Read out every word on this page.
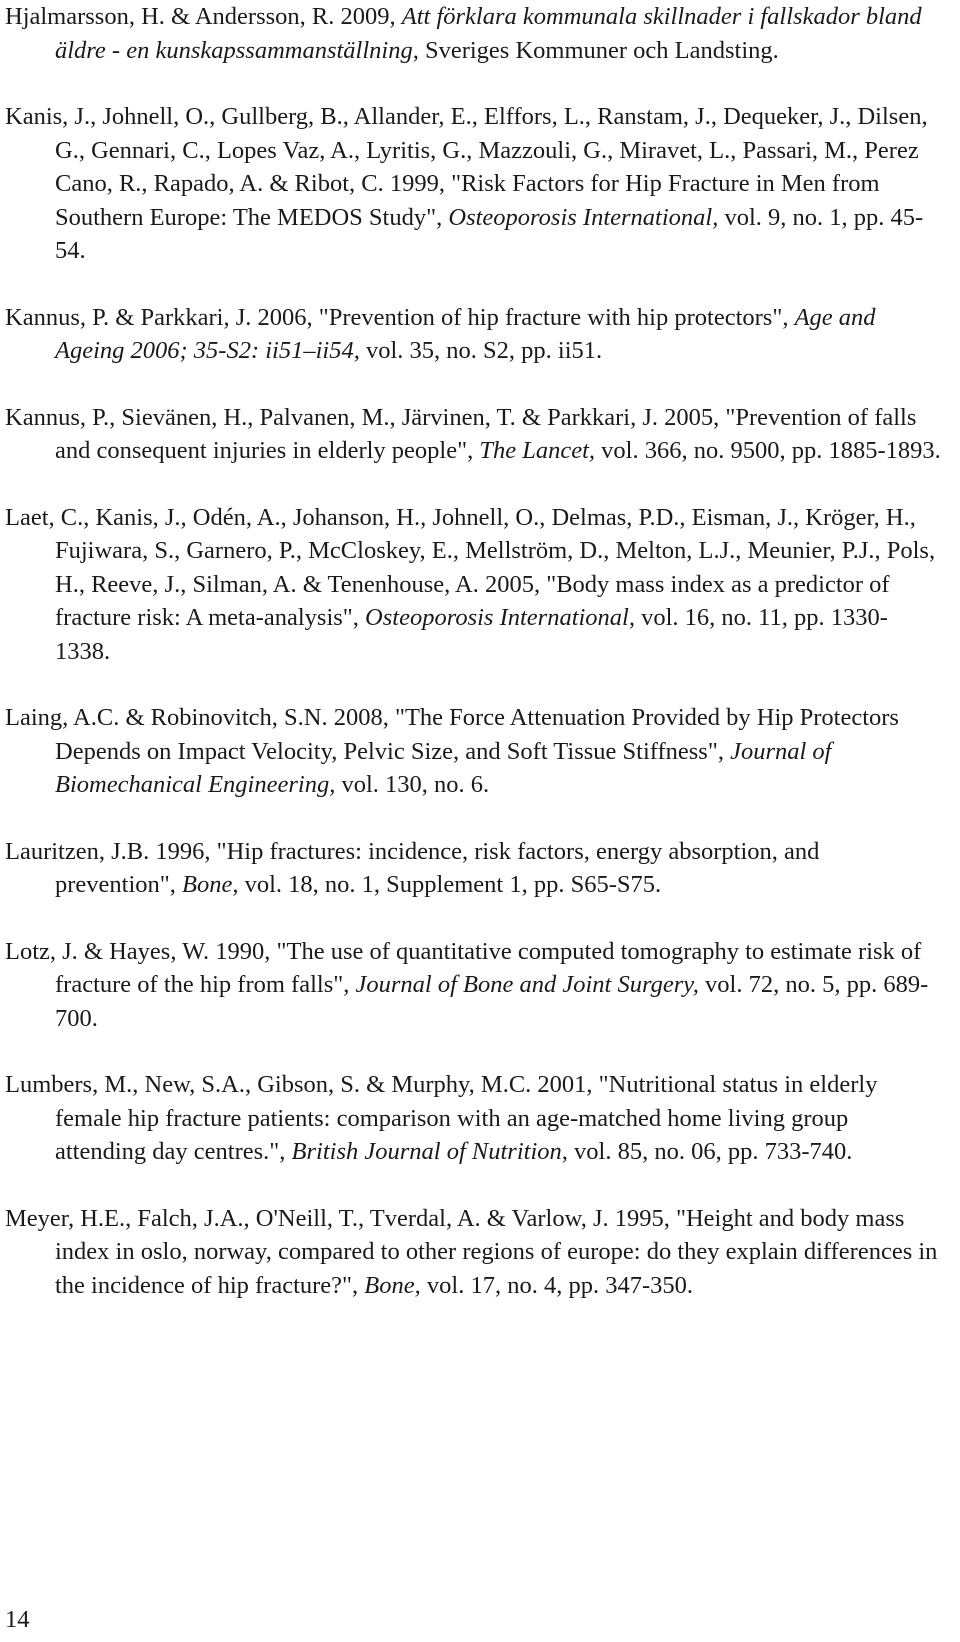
Hjalmarsson, H. & Andersson, R. 2009, Att förklara kommunala skillnader i fallskador bland äldre - en kunskapssammanställning, Sveriges Kommuner och Landsting.
Kanis, J., Johnell, O., Gullberg, B., Allander, E., Elffors, L., Ranstam, J., Dequeker, J., Dilsen, G., Gennari, C., Lopes Vaz, A., Lyritis, G., Mazzouli, G., Miravet, L., Passari, M., Perez Cano, R., Rapado, A. & Ribot, C. 1999, "Risk Factors for Hip Fracture in Men from Southern Europe: The MEDOS Study", Osteoporosis International, vol. 9, no. 1, pp. 45-54.
Kannus, P. & Parkkari, J. 2006, "Prevention of hip fracture with hip protectors", Age and Ageing 2006; 35-S2: ii51–ii54, vol. 35, no. S2, pp. ii51.
Kannus, P., Sievänen, H., Palvanen, M., Järvinen, T. & Parkkari, J. 2005, "Prevention of falls and consequent injuries in elderly people", The Lancet, vol. 366, no. 9500, pp. 1885-1893.
Laet, C., Kanis, J., Odén, A., Johanson, H., Johnell, O., Delmas, P.D., Eisman, J., Kröger, H., Fujiwara, S., Garnero, P., McCloskey, E., Mellström, D., Melton, L.J., Meunier, P.J., Pols, H., Reeve, J., Silman, A. & Tenenhouse, A. 2005, "Body mass index as a predictor of fracture risk: A meta-analysis", Osteoporosis International, vol. 16, no. 11, pp. 1330-1338.
Laing, A.C. & Robinovitch, S.N. 2008, "The Force Attenuation Provided by Hip Protectors Depends on Impact Velocity, Pelvic Size, and Soft Tissue Stiffness", Journal of Biomechanical Engineering, vol. 130, no. 6.
Lauritzen, J.B. 1996, "Hip fractures: incidence, risk factors, energy absorption, and prevention", Bone, vol. 18, no. 1, Supplement 1, pp. S65-S75.
Lotz, J. & Hayes, W. 1990, "The use of quantitative computed tomography to estimate risk of fracture of the hip from falls", Journal of Bone and Joint Surgery, vol. 72, no. 5, pp. 689-700.
Lumbers, M., New, S.A., Gibson, S. & Murphy, M.C. 2001, "Nutritional status in elderly female hip fracture patients: comparison with an age-matched home living group attending day centres.", British Journal of Nutrition, vol. 85, no. 06, pp. 733-740.
Meyer, H.E., Falch, J.A., O'Neill, T., Tverdal, A. & Varlow, J. 1995, "Height and body mass index in oslo, norway, compared to other regions of europe: do they explain differences in the incidence of hip fracture?", Bone, vol. 17, no. 4, pp. 347-350.
14
